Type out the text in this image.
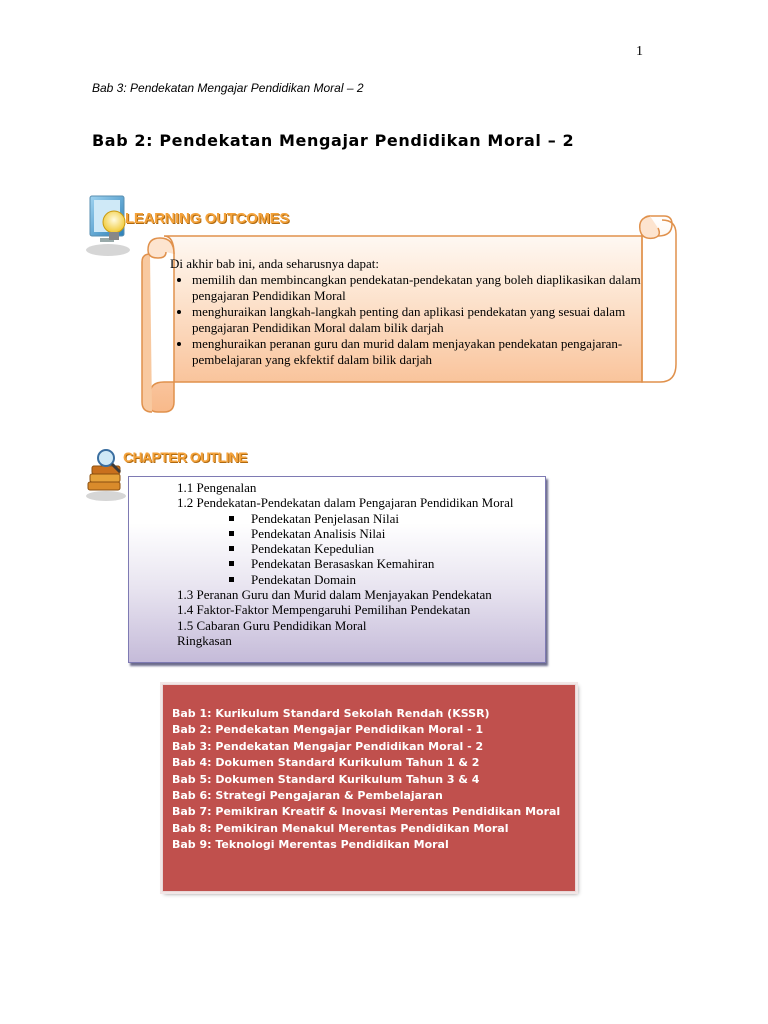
1
Bab 3: Pendekatan Mengajar Pendidikan Moral – 2
Bab 2: Pendekatan Mengajar Pendidikan Moral – 2
LEARNING OUTCOMES

Di akhir bab ini, anda seharusnya dapat:

• memilih dan membincangkan pendekatan-pendekatan yang boleh diaplikasikan dalam pengajaran Pendidikan Moral
• menghuraikan langkah-langkah penting dan aplikasi pendekatan yang sesuai dalam pengajaran Pendidikan Moral dalam bilik darjah
• menghuraikan peranan guru dan murid dalam menjayakan pendekatan pengajaran-pembelajaran yang ekfektif dalam bilik darjah
CHAPTER OUTLINE
1.1 Pengenalan
1.2 Pendekatan-Pendekatan dalam Pengajaran Pendidikan Moral
Pendekatan Penjelasan Nilai
Pendekatan Analisis Nilai
Pendekatan Kepedulian
Pendekatan Berasaskan Kemahiran
Pendekatan Domain
1.3 Peranan Guru dan Murid dalam Menjayakan Pendekatan
1.4 Faktor-Faktor Mempengaruhi Pemilihan Pendekatan
1.5 Cabaran Guru Pendidikan Moral
Ringkasan
Bab 1: Kurikulum Standard Sekolah Rendah (KSSR)
Bab 2: Pendekatan Mengajar Pendidikan Moral - 1
Bab 3: Pendekatan Mengajar Pendidikan Moral - 2
Bab 4: Dokumen Standard Kurikulum Tahun 1 & 2
Bab 5: Dokumen Standard Kurikulum Tahun 3 & 4
Bab 6: Strategi Pengajaran & Pembelajaran
Bab 7: Pemikiran Kreatif & Inovasi Merentas Pendidikan Moral
Bab 8: Pemikiran Menakul Merentas Pendidikan Moral
Bab 9: Teknologi Merentas Pendidikan Moral
